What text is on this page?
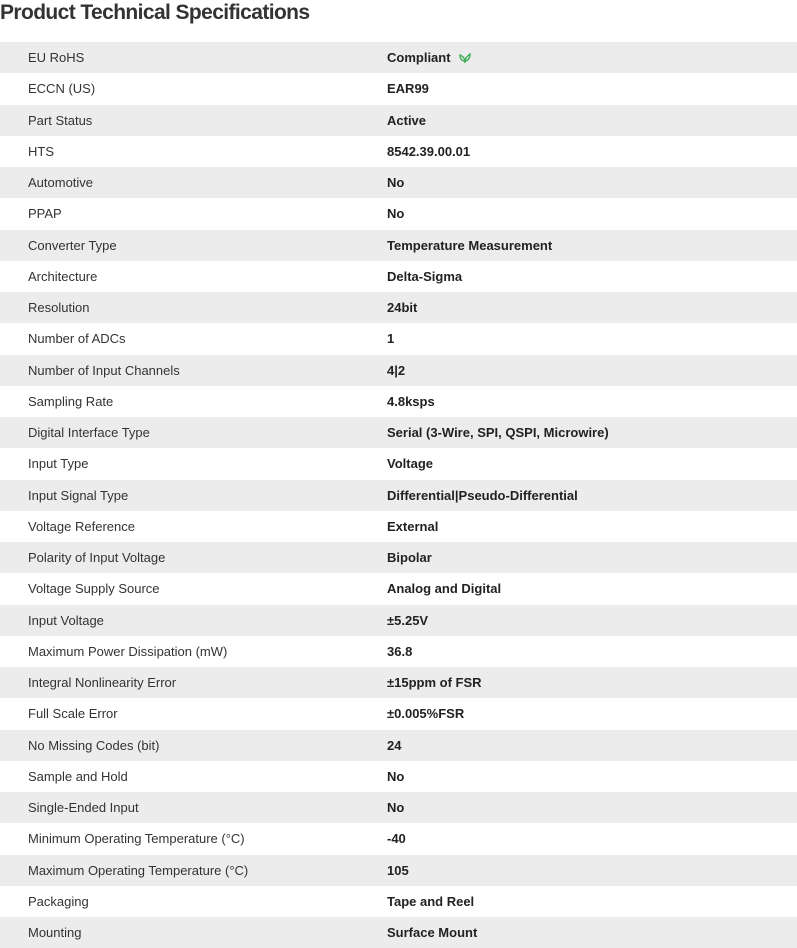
Product Technical Specifications
EU RoHS	Compliant
ECCN (US)	EAR99
Part Status	Active
HTS	8542.39.00.01
Automotive	No
PPAP	No
Converter Type	Temperature Measurement
Architecture	Delta-Sigma
Resolution	24bit
Number of ADCs	1
Number of Input Channels	4|2
Sampling Rate	4.8ksps
Digital Interface Type	Serial (3-Wire, SPI, QSPI, Microwire)
Input Type	Voltage
Input Signal Type	Differential|Pseudo-Differential
Voltage Reference	External
Polarity of Input Voltage	Bipolar
Voltage Supply Source	Analog and Digital
Input Voltage	±5.25V
Maximum Power Dissipation (mW)	36.8
Integral Nonlinearity Error	±15ppm of FSR
Full Scale Error	±0.005%FSR
No Missing Codes (bit)	24
Sample and Hold	No
Single-Ended Input	No
Minimum Operating Temperature (°C)	-40
Maximum Operating Temperature (°C)	105
Packaging	Tape and Reel
Mounting	Surface Mount
